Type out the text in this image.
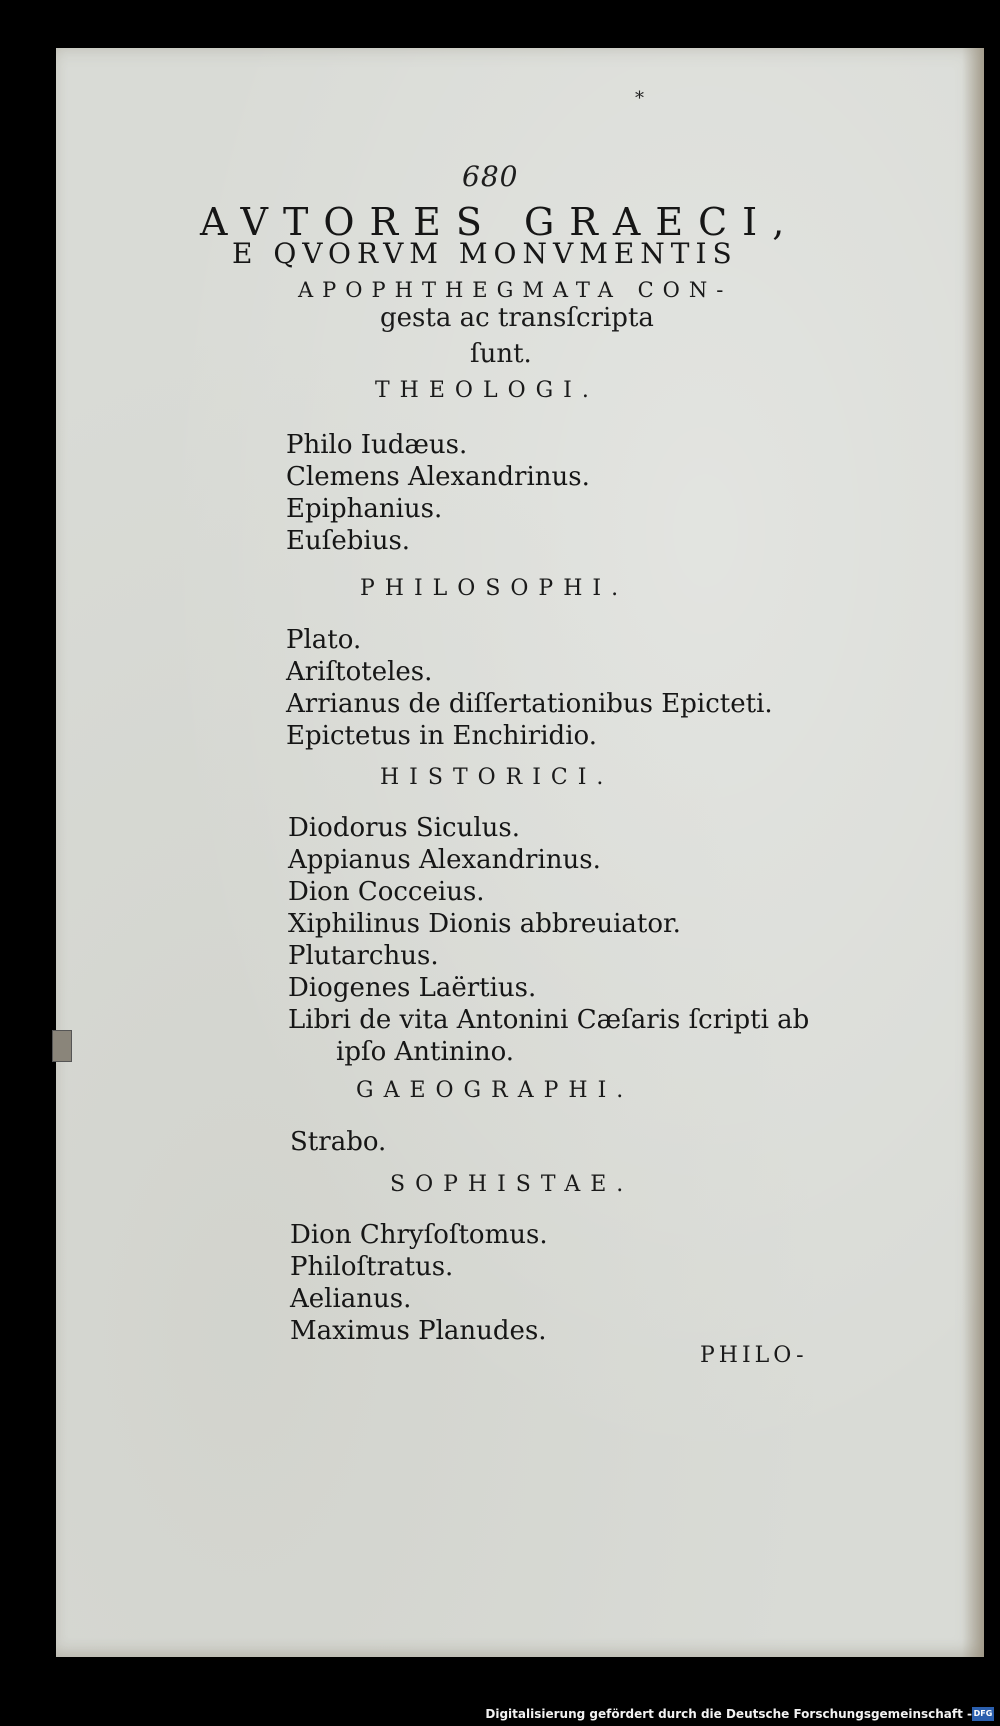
*
680
AVTORES GRAECI,
E QVORVM MONVMENTIS
APOPHTHEGMATA CON-
gesta ac transſcripta
ſunt.
THEOLOGI.
Philo Iudæus.
Clemens Alexandrinus.
Epiphanius.
Euſebius.
PHILOSOPHI.
Plato.
Ariſtoteles.
Arrianus de diſſertationibus Epicteti.
Epictetus in Enchiridio.
HISTORICI.
Diodorus Siculus.
Appianus Alexandrinus.
Dion Cocceius.
Xiphilinus Dionis abbreuiator.
Plutarchus.
Diogenes Laërtius.
Libri de vita Antonini Cæſaris ſcripti ab
ipſo Antinino.
GAEOGRAPHI.
Strabo.
SOPHISTAE.
Dion Chryſoſtomus.
Philoſtratus.
Aelianus.
Maximus Planudes.
PHILO-
Digitalisierung gefördert durch die Deutsche Forschungsgemeinschaft - DFG
